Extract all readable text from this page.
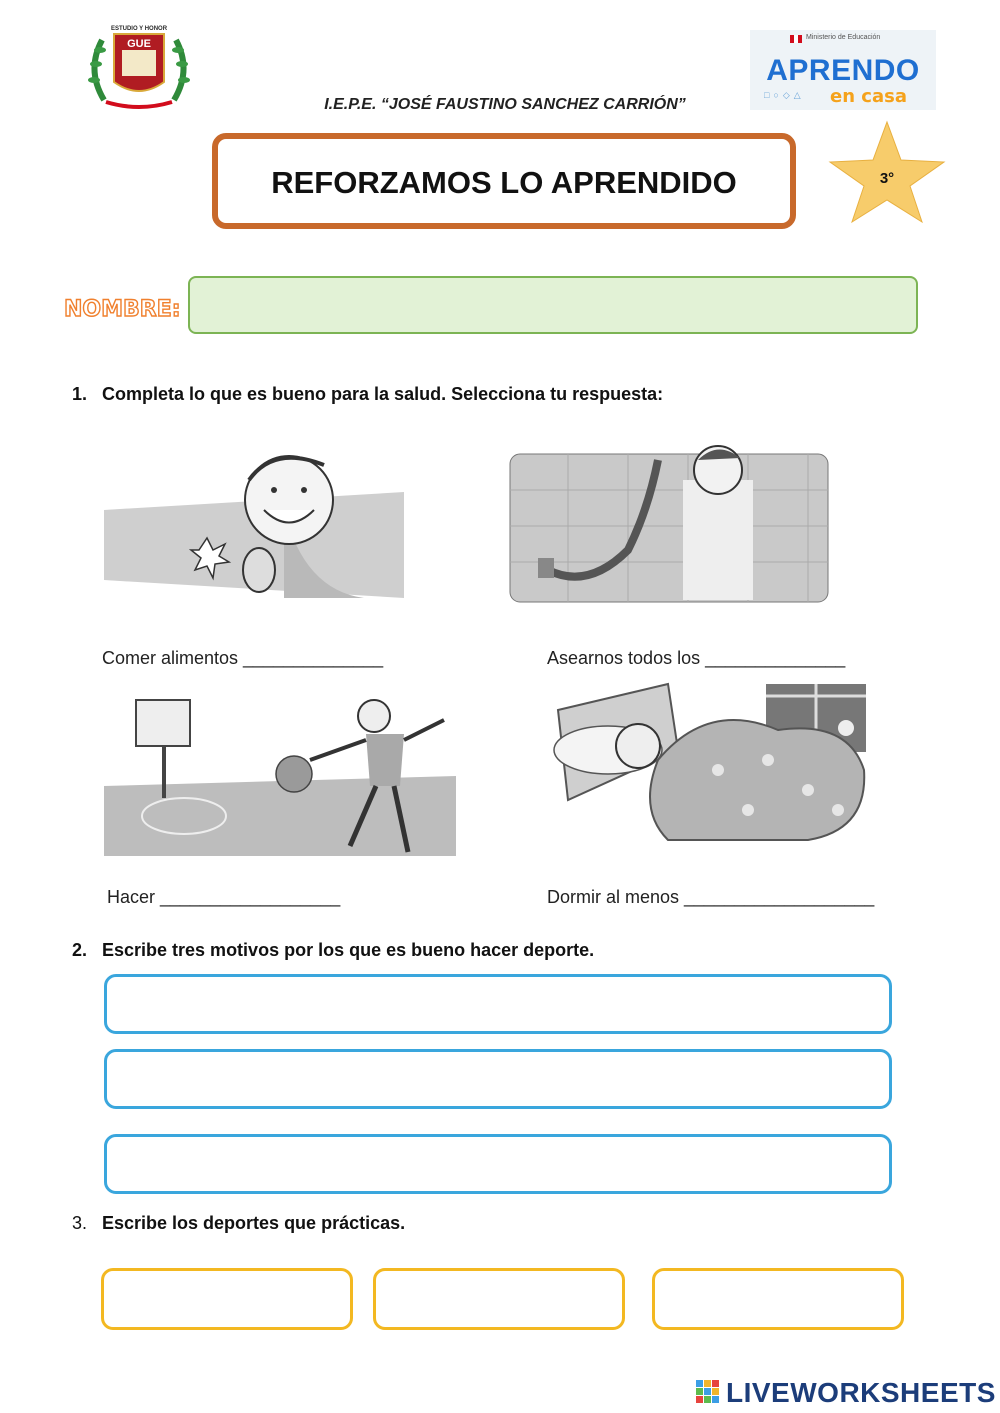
GUE
ESTUDIO Y HONOR
I.E.P.E. “JOSÉ FAUSTINO SANCHEZ CARRIÓN”
Ministerio de Educación
APRENDO
□○◇△ en casa
REFORZAMOS LO APRENDIDO	3°
NOMBRE:
1. Completa lo que es bueno para la salud. Selecciona tu respuesta:
Comer alimentos ______________	Asearnos todos los ______________
Hacer __________________	Dormir al menos ___________________
2. Escribe tres motivos por los que es bueno hacer deporte.
3. Escribe los deportes que prácticas.
LIVEWORKSHEETS
